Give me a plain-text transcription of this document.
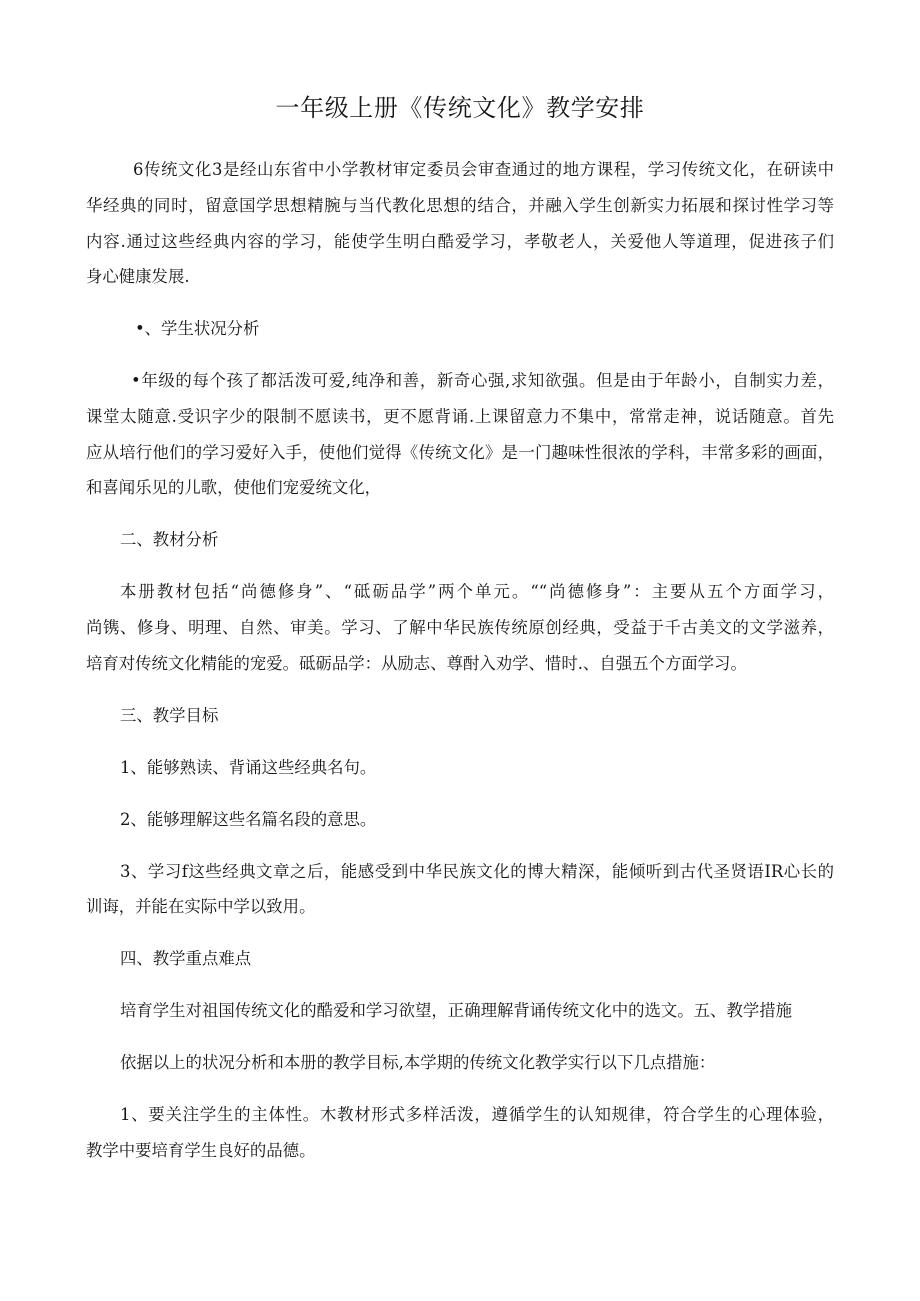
一年级上册《传统文化》教学安排
6传统文化3是经山东省中小学教材审定委员会审查通过的地方课程，学习传统文化，在研读中
华经典的同时，留意国学思想精腕与当代教化思想的结合，并融入学生创新实力拓展和探讨性学习等
内容.通过这些经典内容的学习，能使学生明白酷爱学习，孝敬老人，关爱他人等道理，促进孩子们
身心健康发展.
•、学生状况分析
•年级的每个孩了都活泼可爱,纯净和善，新奇心强,求知欲强。但是由于年龄小，自制实力差，
课堂太随意.受识字少的限制不愿读书，更不愿背诵.上课留意力不集中，常常走神，说话随意。首先
应从培行他们的学习爱好入手，使他们觉得《传统文化》是一门趣味性很浓的学科，丰常多彩的画面，
和喜闻乐见的儿歌，使他们宠爱统文化，
二、教材分析
本册教材包括“尚德修身”、“砥砺品学”两个单元。““尚德修身”：主要从五个方面学习，
尚镌、修身、明理、自然、审美。学习、了解中华民族传统原创经典，受益于千古美文的文学滋养，
培育对传统文化精能的宠爱。砥砺品学：从励志、尊酎入劝学、惜时.、自强五个方面学习。
三、教学目标
1、能够熟读、背诵这些经典名句。
2、能够理解这些名篇名段的意思。
3、学习f这些经典文章之后，能感受到中华民族文化的博大精深，能倾听到古代圣贤语IR心长的
训诲，并能在实际中学以致用。
四、教学重点难点
培育学生对祖国传统文化的酷爱和学习欲望，正确理解背诵传统文化中的选文。五、教学措施
依据以上的状况分析和本册的教学目标,本学期的传统文化教学实行以下几点措施：
1、要关注学生的主体性。木教材形式多样活泼，遵循学生的认知规律，符合学生的心理体验，
教学中要培育学生良好的品德。
